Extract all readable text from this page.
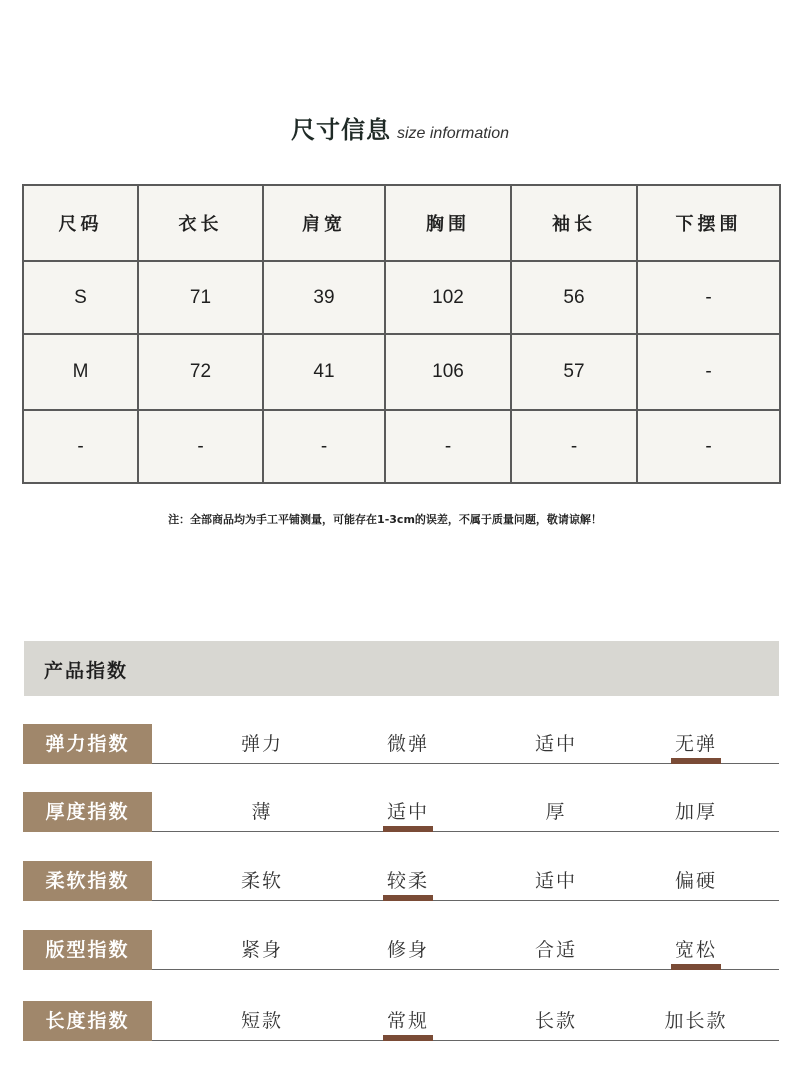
尺寸信息 size information
尺码	衣长	肩宽	胸围	袖长	下摆围
S	71	39	102	56	-
M	72	41	106	57	-
-	-	-	-	-	-
注：全部商品均为手工平铺测量，可能存在1-3cm的误差，不属于质量问题，敬请谅解！
产品指数
弹力指数	弹力	微弹	适中	无弹
厚度指数	薄	适中	厚	加厚
柔软指数	柔软	较柔	适中	偏硬
版型指数	紧身	修身	合适	宽松
长度指数	短款	常规	长款	加长款
